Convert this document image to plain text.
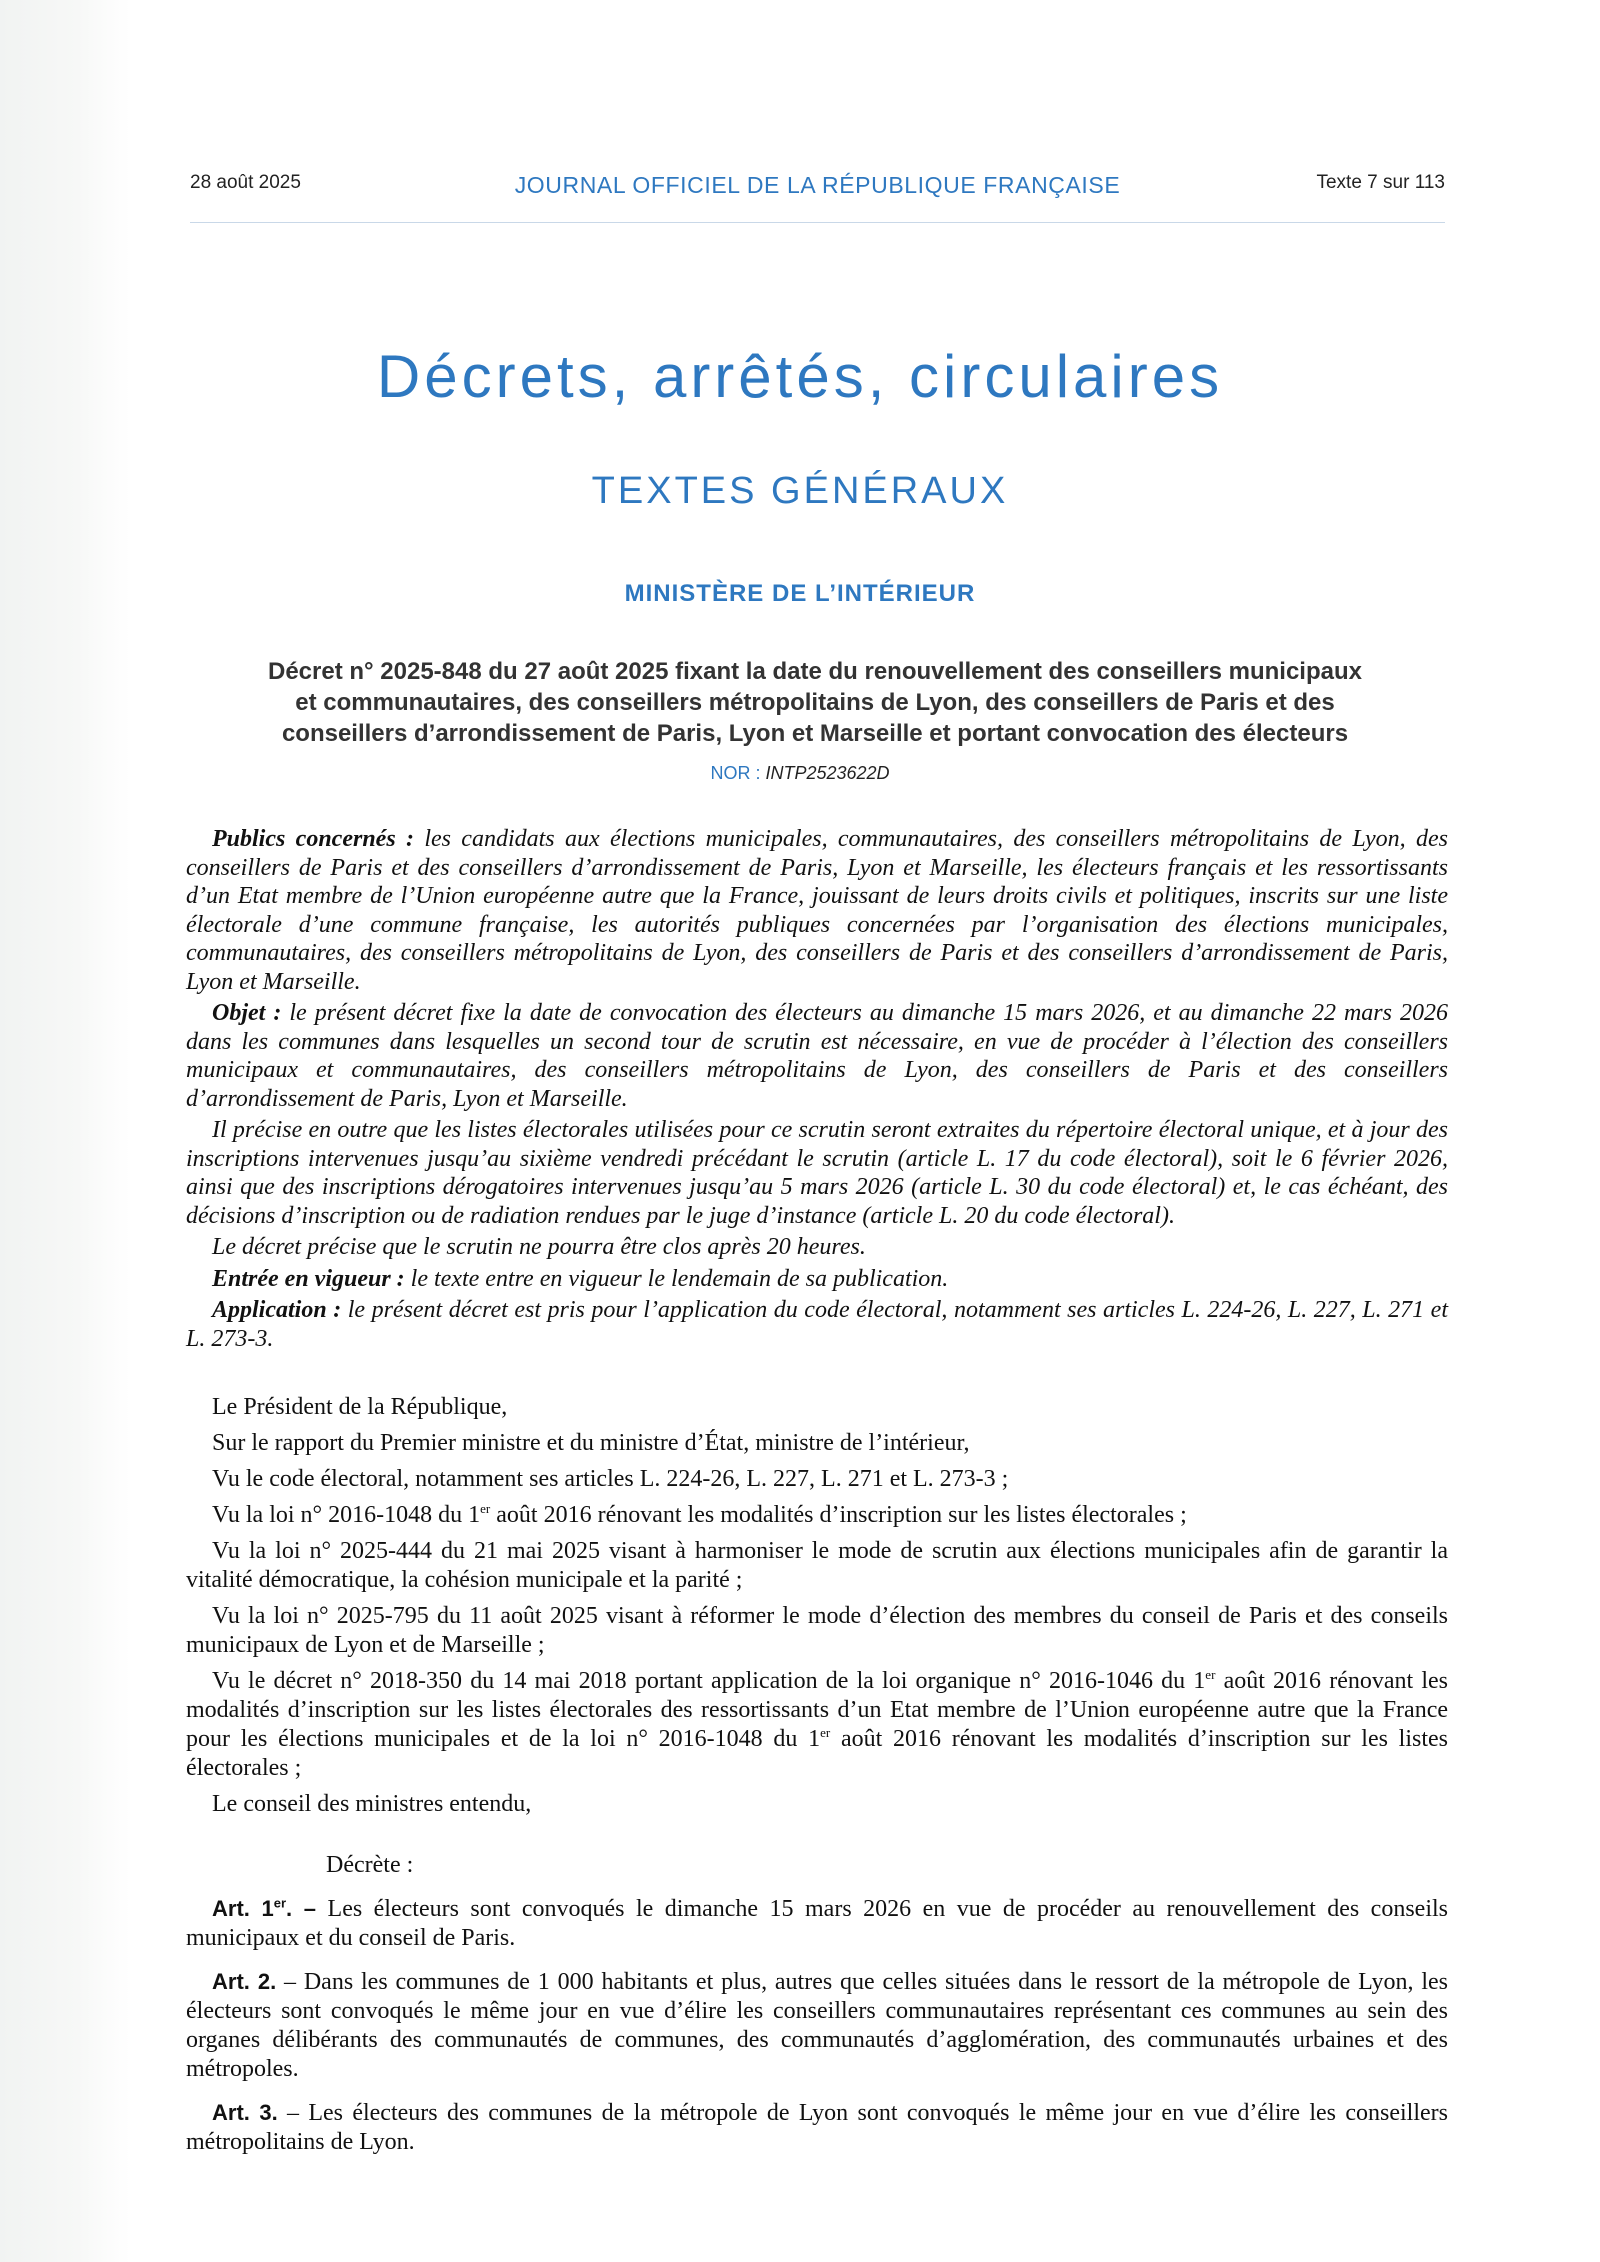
28 août 2025	JOURNAL OFFICIEL DE LA RÉPUBLIQUE FRANÇAISE	Texte 7 sur 113
Décrets, arrêtés, circulaires
TEXTES GÉNÉRAUX
MINISTÈRE DE L’INTÉRIEUR
Décret n° 2025-848 du 27 août 2025 fixant la date du renouvellement des conseillers municipaux
et communautaires, des conseillers métropolitains de Lyon, des conseillers de Paris et des
conseillers d’arrondissement de Paris, Lyon et Marseille et portant convocation des électeurs
NOR : INTP2523622D

Publics concernés : les candidats aux élections municipales, communautaires, des conseillers métropolitains de Lyon, des conseillers de Paris et des conseillers d’arrondissement de Paris, Lyon et Marseille, les électeurs français et les ressortissants d’un Etat membre de l’Union européenne autre que la France, jouissant de leurs droits civils et politiques, inscrits sur une liste électorale d’une commune française, les autorités publiques concernées par l’organisation des élections municipales, communautaires, des conseillers métropolitains de Lyon, des conseillers de Paris et des conseillers d’arrondissement de Paris, Lyon et Marseille.

Objet : le présent décret fixe la date de convocation des électeurs au dimanche 15 mars 2026, et au dimanche 22 mars 2026 dans les communes dans lesquelles un second tour de scrutin est nécessaire, en vue de procéder à l’élection des conseillers municipaux et communautaires, des conseillers métropolitains de Lyon, des conseillers de Paris et des conseillers d’arrondissement de Paris, Lyon et Marseille.

Il précise en outre que les listes électorales utilisées pour ce scrutin seront extraites du répertoire électoral unique, et à jour des inscriptions intervenues jusqu’au sixième vendredi précédant le scrutin (article L. 17 du code électoral), soit le 6 février 2026, ainsi que des inscriptions dérogatoires intervenues jusqu’au 5 mars 2026 (article L. 30 du code électoral) et, le cas échéant, des décisions d’inscription ou de radiation rendues par le juge d’instance (article L. 20 du code électoral).

Le décret précise que le scrutin ne pourra être clos après 20 heures.

Entrée en vigueur : le texte entre en vigueur le lendemain de sa publication.

Application : le présent décret est pris pour l’application du code électoral, notamment ses articles L. 224-26, L. 227, L. 271 et L. 273-3.

Le Président de la République,

Sur le rapport du Premier ministre et du ministre d’État, ministre de l’intérieur,

Vu le code électoral, notamment ses articles L. 224-26, L. 227, L. 271 et L. 273-3 ;

Vu la loi n° 2016-1048 du 1er août 2016 rénovant les modalités d’inscription sur les listes électorales ;

Vu la loi n° 2025-444 du 21 mai 2025 visant à harmoniser le mode de scrutin aux élections municipales afin de garantir la vitalité démocratique, la cohésion municipale et la parité ;

Vu la loi n° 2025-795 du 11 août 2025 visant à réformer le mode d’élection des membres du conseil de Paris et des conseils municipaux de Lyon et de Marseille ;

Vu le décret n° 2018-350 du 14 mai 2018 portant application de la loi organique n° 2016-1046 du 1er août 2016 rénovant les modalités d’inscription sur les listes électorales des ressortissants d’un Etat membre de l’Union européenne autre que la France pour les élections municipales et de la loi n° 2016-1048 du 1er août 2016 rénovant les modalités d’inscription sur les listes électorales ;

Le conseil des ministres entendu,

Décrète :

Art. 1er. – Les électeurs sont convoqués le dimanche 15 mars 2026 en vue de procéder au renouvellement des conseils municipaux et du conseil de Paris.

Art. 2. – Dans les communes de 1 000 habitants et plus, autres que celles situées dans le ressort de la métropole de Lyon, les électeurs sont convoqués le même jour en vue d’élire les conseillers communautaires représentant ces communes au sein des organes délibérants des communautés de communes, des communautés d’agglomération, des communautés urbaines et des métropoles.

Art. 3. – Les électeurs des communes de la métropole de Lyon sont convoqués le même jour en vue d’élire les conseillers métropolitains de Lyon.
